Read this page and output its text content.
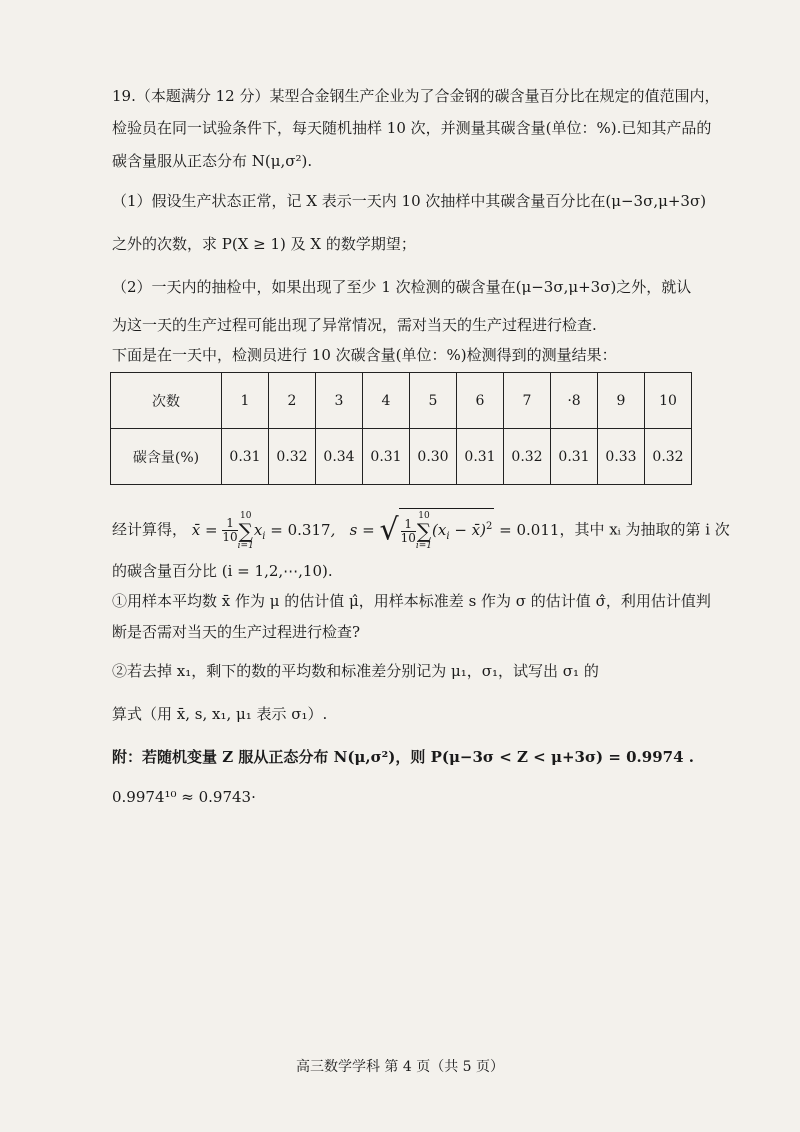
19.（本题满分 12 分）某型合金钢生产企业为了合金钢的碳含量百分比在规定的值范围内，
检验员在同一试验条件下，每天随机抽样 10 次，并测量其碳含量(单位：%).已知其产品的
碳含量服从正态分布 N(μ,σ²).
（1）假设生产状态正常，记 X 表示一天内 10 次抽样中其碳含量百分比在(μ−3σ,μ+3σ)
之外的次数，求 P(X ≥ 1) 及 X 的数学期望；
（2）一天内的抽检中，如果出现了至少 1 次检测的碳含量在(μ−3σ,μ+3σ)之外，就认
为这一天的生产过程可能出现了异常情况，需对当天的生产过程进行检查.
下面是在一天中，检测员进行 10 次碳含量(单位：%)检测得到的测量结果：
次数	1	2	3	4	5	6	7	·8	9	10
碳含量(%)	0.31	0.32	0.34	0.31	0.30	0.31	0.32	0.31	0.33	0.32
经计算得， x̄ = $\frac{1}{10}$
10
∑
i=1
$x_i = 0.317$, s = √ $\frac{1}{10}$
10
∑
i=1
($x_i$ − x̄)$^2$ = 0.011，其中 xᵢ 为抽取的第 i 次
的碳含量百分比 (i = 1,2,⋯,10).
①用样本平均数 x̄ 作为 μ 的估计值 μ̂，用样本标准差 s 作为 σ 的估计值 σ̂，利用估计值判
断是否需对当天的生产过程进行检查?
②若去掉 x₁，剩下的数的平均数和标准差分别记为 μ₁，σ₁，试写出 σ₁ 的
算式（用 x̄, s, x₁, μ₁ 表示 σ₁）.
附：若随机变量 Z 服从正态分布 N(μ,σ²)，则 P(μ−3σ < Z < μ+3σ) = 0.9974 .
0.9974¹⁰ ≈ 0.9743·
高三数学学科 第 4 页（共 5 页）
